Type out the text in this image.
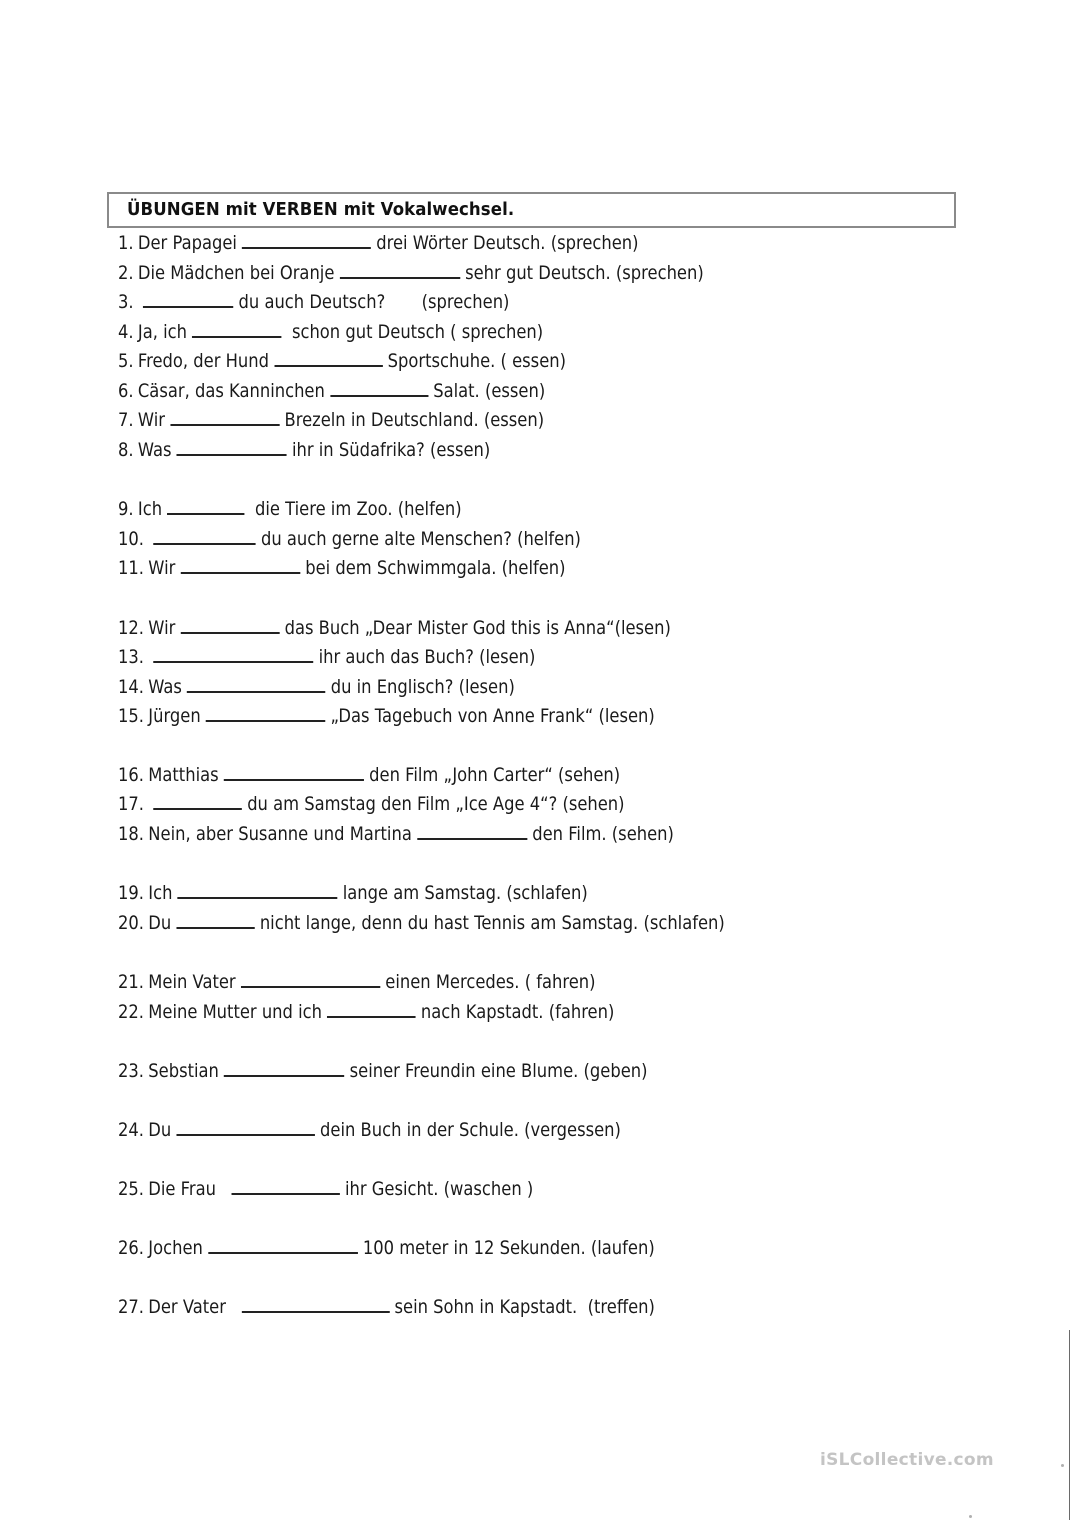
ÜBUNGEN mit VERBEN mit Vokalwechsel.
1. Der Papagei	drei Wörter Deutsch. (sprechen)
2. Die Mädchen bei Oranje	sehr gut Deutsch. (sprechen)
3.	du auch Deutsch?       (sprechen)
4. Ja, ich	schon gut Deutsch ( sprechen)
5. Fredo, der Hund	Sportschuhe. ( essen)
6. Cäsar, das Kanninchen	Salat. (essen)
7. Wir	Brezeln in Deutschland. (essen)
8. Was	ihr in Südafrika? (essen)
9. Ich	die Tiere im Zoo. (helfen)
10.	du auch gerne alte Menschen? (helfen)
11. Wir	bei dem Schwimmgala. (helfen)
12. Wir	das Buch „Dear Mister God this is Anna“(lesen)
13.	ihr auch das Buch? (lesen)
14. Was	du in Englisch? (lesen)
15. Jürgen	„Das Tagebuch von Anne Frank“ (lesen)
16. Matthias	den Film „John Carter“ (sehen)
17.	du am Samstag den Film „Ice Age 4“? (sehen)
18. Nein, aber Susanne und Martina	den Film. (sehen)
19. Ich	lange am Samstag. (schlafen)
20. Du	nicht lange, denn du hast Tennis am Samstag. (schlafen)
21. Mein Vater	einen Mercedes. ( fahren)
22. Meine Mutter und ich	nach Kapstadt. (fahren)
23. Sebstian	seiner Freundin eine Blume. (geben)
24. Du	dein Buch in der Schule. (vergessen)
25. Die Frau	ihr Gesicht. (waschen )
26. Jochen	100 meter in 12 Sekunden. (laufen)
27. Der Vater	sein Sohn in Kapstadt.  (treffen)
iSLCollective.com
